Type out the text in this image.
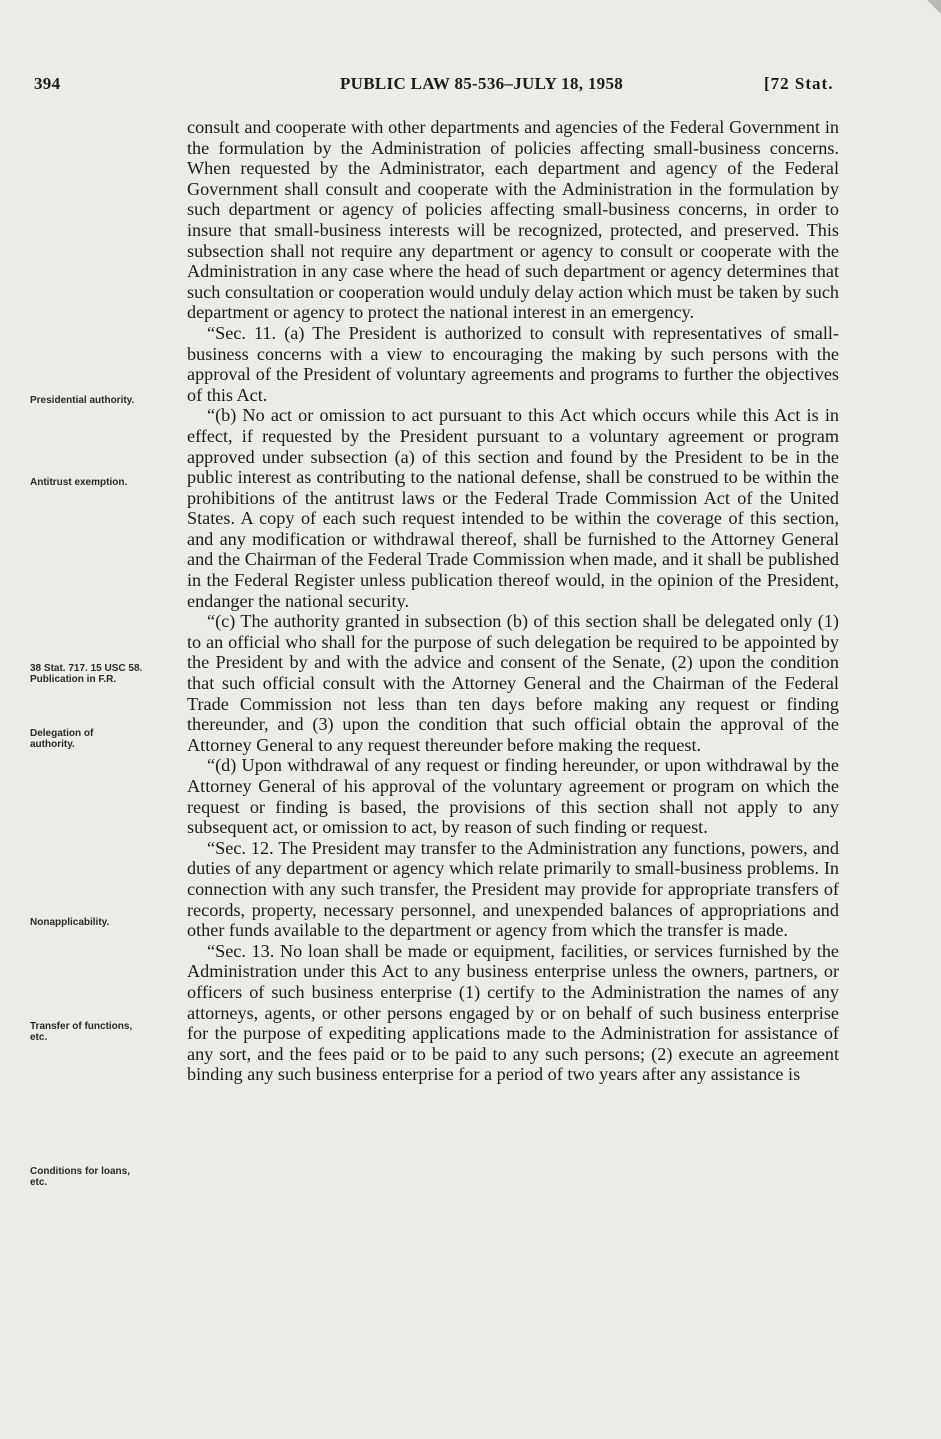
394	PUBLIC LAW 85-536–JULY 18, 1958	[72 Stat.

consult and cooperate with other departments and agencies of the Federal Government in the formulation by the Administration of policies affecting small-business concerns. When requested by the Administrator, each department and agency of the Federal Government shall consult and cooperate with the Administration in the formulation by such department or agency of policies affecting small-business concerns, in order to insure that small-business interests will be recognized, protected, and preserved. This subsection shall not require any department or agency to consult or cooperate with the Administration in any case where the head of such department or agency determines that such consultation or cooperation would unduly delay action which must be taken by such department or agency to protect the national interest in an emergency.

“Sec. 11. (a) The President is authorized to consult with representatives of small-business concerns with a view to encouraging the making by such persons with the approval of the President of voluntary agreements and programs to further the objectives of this Act.

“(b) No act or omission to act pursuant to this Act which occurs while this Act is in effect, if requested by the President pursuant to a voluntary agreement or program approved under subsection (a) of this section and found by the President to be in the public interest as contributing to the national defense, shall be construed to be within the prohibitions of the antitrust laws or the Federal Trade Commission Act of the United States. A copy of each such request intended to be within the coverage of this section, and any modification or withdrawal thereof, shall be furnished to the Attorney General and the Chairman of the Federal Trade Commission when made, and it shall be published in the Federal Register unless publication thereof would, in the opinion of the President, endanger the national security.

“(c) The authority granted in subsection (b) of this section shall be delegated only (1) to an official who shall for the purpose of such delegation be required to be appointed by the President by and with the advice and consent of the Senate, (2) upon the condition that such official consult with the Attorney General and the Chairman of the Federal Trade Commission not less than ten days before making any request or finding thereunder, and (3) upon the condition that such official obtain the approval of the Attorney General to any request thereunder before making the request.

“(d) Upon withdrawal of any request or finding hereunder, or upon withdrawal by the Attorney General of his approval of the voluntary agreement or program on which the request or finding is based, the provisions of this section shall not apply to any subsequent act, or omission to act, by reason of such finding or request.

“Sec. 12. The President may transfer to the Administration any functions, powers, and duties of any department or agency which relate primarily to small-business problems. In connection with any such transfer, the President may provide for appropriate transfers of records, property, necessary personnel, and unexpended balances of appropriations and other funds available to the department or agency from which the transfer is made.

“Sec. 13. No loan shall be made or equipment, facilities, or services furnished by the Administration under this Act to any business enterprise unless the owners, partners, or officers of such business enterprise (1) certify to the Administration the names of any attorneys, agents, or other persons engaged by or on behalf of such business enterprise for the purpose of expediting applications made to the Administration for assistance of any sort, and the fees paid or to be paid to any such persons; (2) execute an agreement binding any such business enterprise for a period of two years after any assistance is

Presidential authority.
Antitrust exemption.
38 Stat. 717. 15 USC 58. Publication in F.R.
Delegation of authority.
Nonapplicability.
Transfer of functions, etc.
Conditions for loans, etc.
